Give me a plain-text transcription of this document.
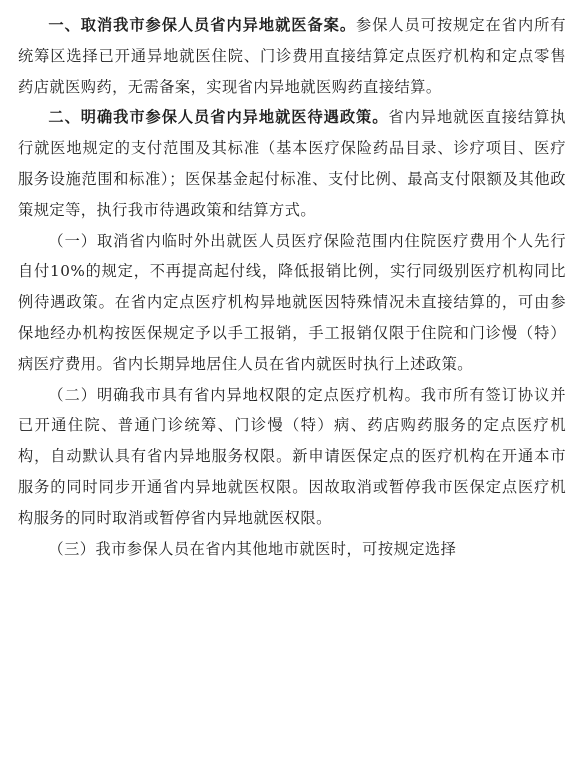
一、取消我市参保人员省内异地就医备案。参保人员可按规定在省内所有统筹区选择已开通异地就医住院、门诊费用直接结算定点医疗机构和定点零售药店就医购药，无需备案，实现省内异地就医购药直接结算。

二、明确我市参保人员省内异地就医待遇政策。省内异地就医直接结算执行就医地规定的支付范围及其标准（基本医疗保险药品目录、诊疗项目、医疗服务设施范围和标准）；医保基金起付标准、支付比例、最高支付限额及其他政策规定等，执行我市待遇政策和结算方式。

（一）取消省内临时外出就医人员医疗保险范围内住院医疗费用个人先行自付10%的规定，不再提高起付线，降低报销比例，实行同级别医疗机构同比例待遇政策。在省内定点医疗机构异地就医因特殊情况未直接结算的，可由参保地经办机构按医保规定予以手工报销，手工报销仅限于住院和门诊慢（特）病医疗费用。省内长期异地居住人员在省内就医时执行上述政策。

（二）明确我市具有省内异地权限的定点医疗机构。我市所有签订协议并已开通住院、普通门诊统筹、门诊慢（特）病、药店购药服务的定点医疗机构，自动默认具有省内异地服务权限。新申请医保定点的医疗机构在开通本市服务的同时同步开通省内异地就医权限。因故取消或暂停我市医保定点医疗机构服务的同时取消或暂停省内异地就医权限。

（三）我市参保人员在省内其他地市就医时，可按规定选择
